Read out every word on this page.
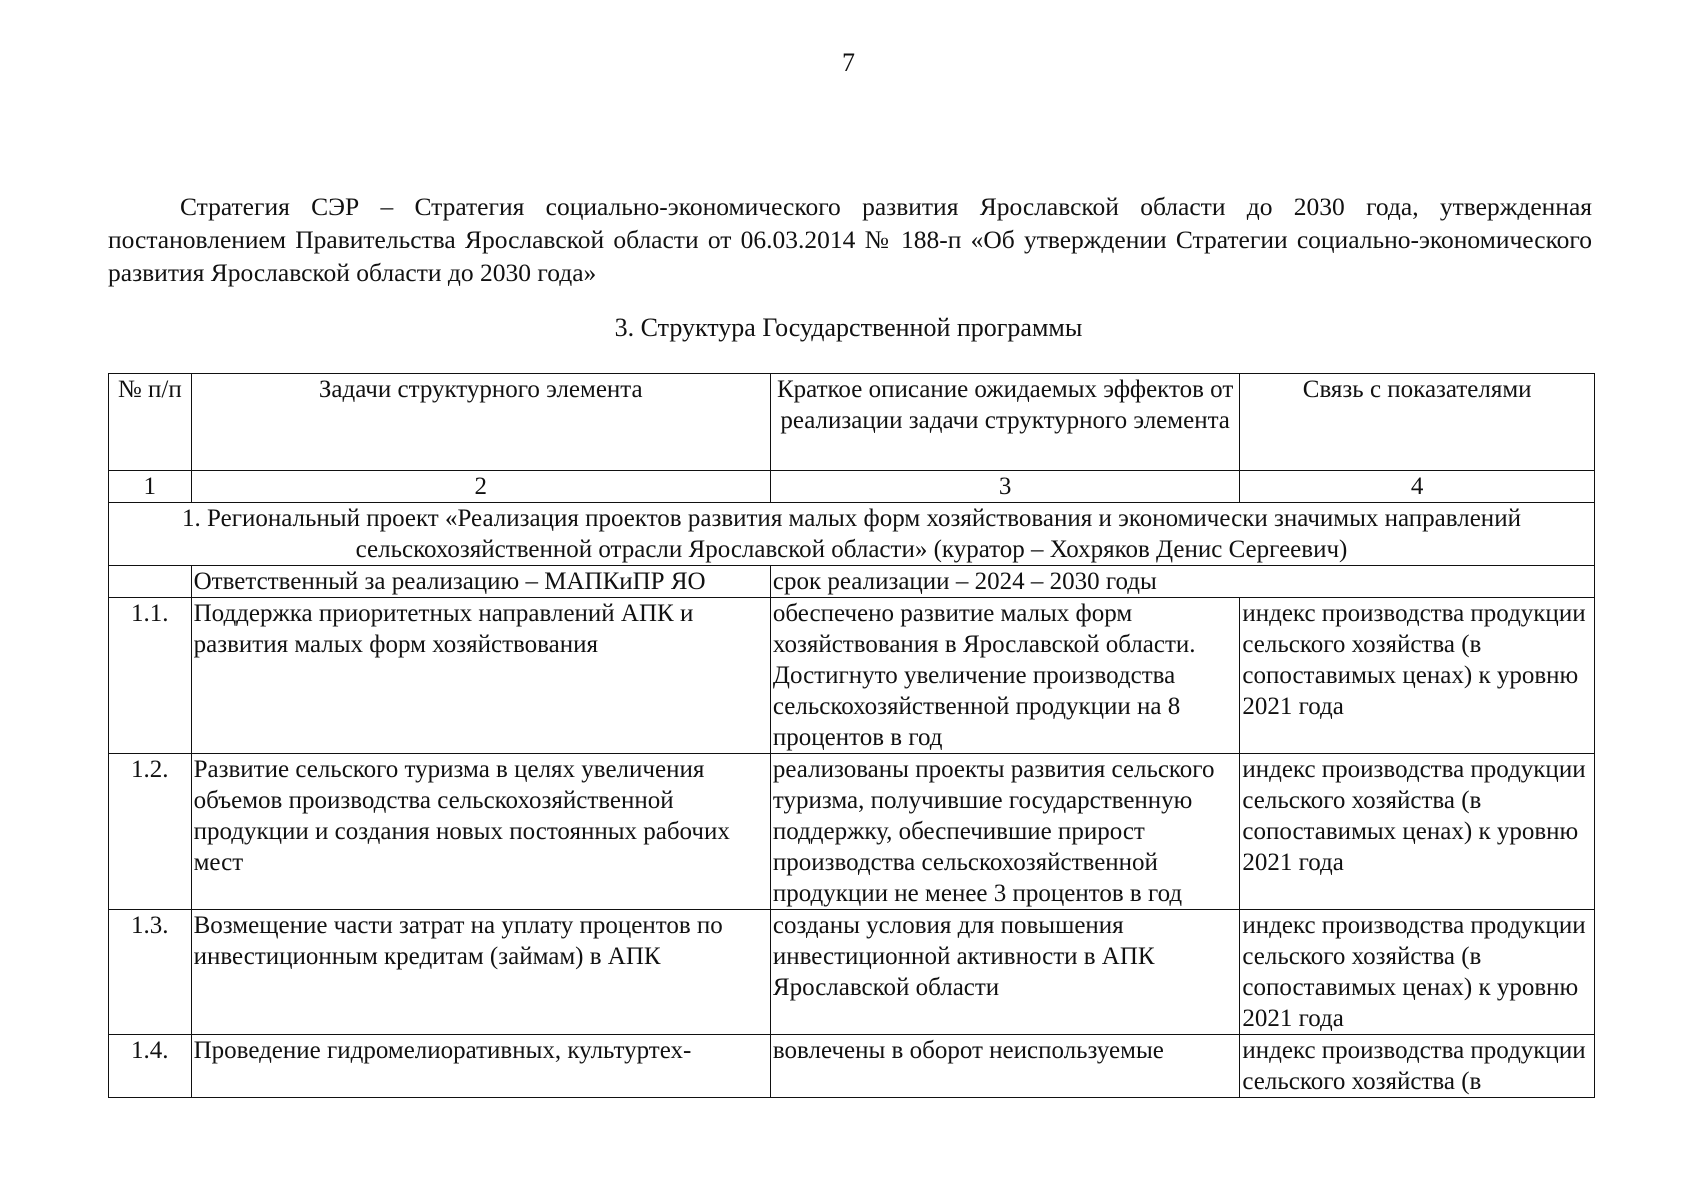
7

Стратегия СЭР – Стратегия социально-экономического развития Ярославской области до 2030 года, утвержденная постановлением Правительства Ярославской области от 06.03.2014 № 188-п «Об утверждении Стратегии социально-экономического развития Ярославской области до 2030 года»

3. Структура Государственной программы
№ п/п	Задачи структурного элемента	Краткое описание ожидаемых эффектов от реализации задачи структурного элемента	Связь с показателями
1	2	3	4
1. Региональный проект «Реализация проектов развития малых форм хозяйствования и экономически значимых направлений сельскохозяйственной отрасли Ярославской области» (куратор – Хохряков Денис Сергеевич)			
	Ответственный за реализацию – МАПКиПР ЯО	срок реализации – 2024 – 2030 годы	
1.1.	Поддержка приоритетных направлений АПК и развития малых форм хозяйствования	обеспечено развитие малых форм хозяйствования в Ярославской области. Достигнуто увеличение производства сельскохозяйственной продукции на 8 процентов в год	индекс производства продукции сельского хозяйства (в сопоставимых ценах) к уровню 2021 года
1.2.	Развитие сельского туризма в целях увеличения объемов производства сельскохозяйственной продукции и создания новых постоянных рабочих мест	реализованы проекты развития сельского туризма, получившие государственную поддержку, обеспечившие прирост производства сельскохозяйственной продукции не менее 3 процентов в год	индекс производства продукции сельского хозяйства (в сопоставимых ценах) к уровню 2021 года
1.3.	Возмещение части затрат на уплату процентов по инвестиционным кредитам (займам) в АПК	созданы условия для повышения инвестиционной активности в АПК Ярославской области	индекс производства продукции сельского хозяйства (в сопоставимых ценах) к уровню 2021 года
1.4.	Проведение гидромелиоративных, культуртех-	вовлечены в оборот неиспользуемые	индекс производства продукции сельского хозяйства (в
